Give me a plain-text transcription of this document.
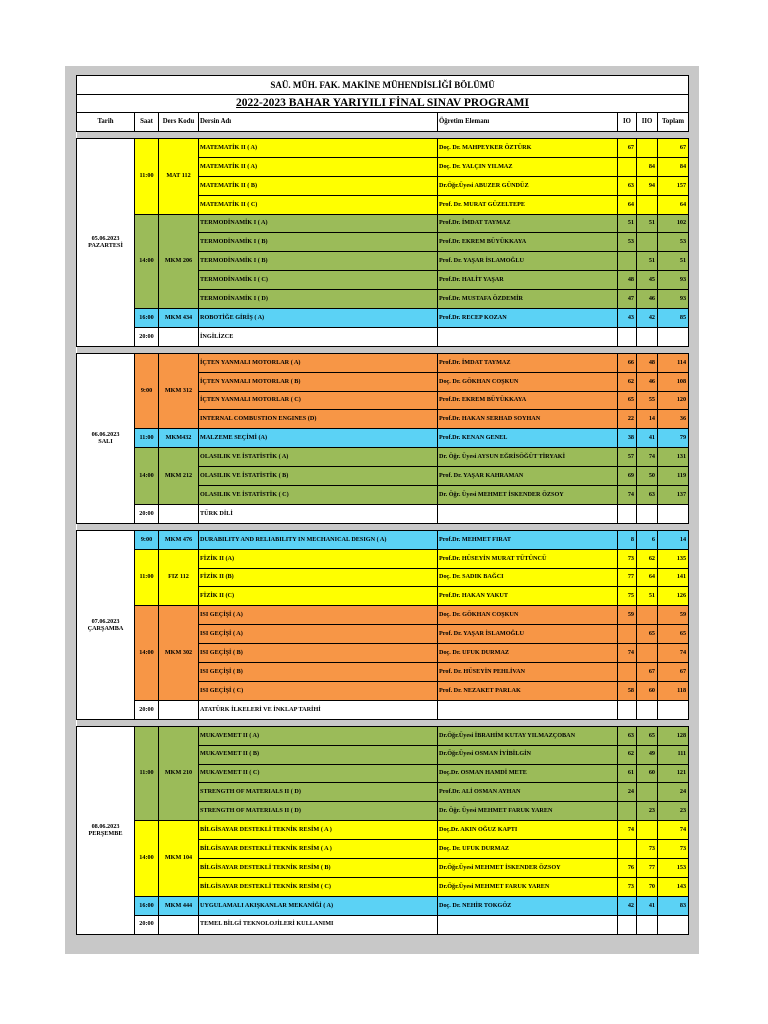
SAÜ. MÜH. FAK. MAKİNE MÜHENDİSLİĞİ BÖLÜMÜ							
2022-2023 BAHAR YARIYILI FİNAL SINAV PROGRAMI							
Tarih	Saat	Ders Kodu	Dersin Adı	Öğretim Elemanı	IO	IIO	Toplam

05.06.2023
PAZARTESİ	11:00	MAT 112	MATEMATİK II ( A)	Doç. Dr. MAHPEYKER ÖZTÜRK	67		67
			MATEMATİK II ( A)	Doç. Dr. YALÇIN YILMAZ		84	84
			MATEMATİK II ( B)	Dr.Öğr.Üyesi ABUZER GÜNDÜZ	63	94	157
			MATEMATİK II ( C)	Prof. Dr. MURAT GÜZELTEPE	64		64
	14:00	MKM 206	TERMODİNAMİK I ( A)	Prof.Dr. İMDAT TAYMAZ	51	51	102
			TERMODİNAMİK I ( B)	Prof.Dr. EKREM BÜYÜKKAYA	53		53
			TERMODİNAMİK I ( B)	Prof. Dr. YAŞAR İSLAMOĞLU		51	51
			TERMODİNAMİK I ( C)	Prof.Dr. HALİT YAŞAR	48	45	93
			TERMODİNAMİK I ( D)	Prof.Dr. MUSTAFA ÖZDEMİR	47	46	93
	16:00	MKM 434	ROBOTİĞE GİRİŞ ( A)	Prof.Dr. RECEP KOZAN	43	42	85
	20:00		İNGİLİZCE				

06.06.2023
SALI	9:00	MKM 312	İÇTEN YANMALI MOTORLAR ( A)	Prof.Dr. İMDAT TAYMAZ	66	48	114
			İÇTEN YANMALI MOTORLAR ( B)	Doç. Dr. GÖKHAN COŞKUN	62	46	108
			İÇTEN YANMALI MOTORLAR ( C)	Prof.Dr. EKREM BÜYÜKKAYA	65	55	120
			INTERNAL COMBUSTION ENGINES (D)	Prof.Dr. HAKAN SERHAD SOYHAN	22	14	36
	11:00	MKM432	MALZEME SEÇİMİ (A)	Prof.Dr. KENAN GENEL	38	41	79
	14:00	MKM 212	OLASILIK VE İSTATİSTİK ( A)	Dr. Öğr. Üyesi AYSUN EĞRİSÖĞÜT TİRYAKİ	57	74	131
			OLASILIK VE İSTATİSTİK ( B)	Prof. Dr. YAŞAR KAHRAMAN	69	50	119
			OLASILIK VE İSTATİSTİK ( C)	Dr. Öğr. Üyesi MEHMET İSKENDER ÖZSOY	74	63	137
	20:00		TÜRK DİLİ				

07.06.2023
ÇARŞAMBA	9:00	MKM 476	DURABILITY AND RELIABILITY IN MECHANICAL DESIGN ( A)	Prof.Dr. MEHMET FIRAT	8	6	14
	11:00	FIZ 112	FİZİK II (A)	Prof.Dr. HÜSEYİN MURAT TÜTÜNCÜ	73	62	135
			FİZİK II (B)	Doç. Dr. SADIK BAĞCI	77	64	141
			FİZİK II (C)	Prof.Dr. HAKAN YAKUT	75	51	126
	14:00	MKM 302	ISI GEÇİŞİ ( A)	Doç. Dr. GÖKHAN COŞKUN	59		59
			ISI GEÇİŞİ ( A)	Prof. Dr. YAŞAR İSLAMOĞLU		65	65
			ISI GEÇİŞİ ( B)	Doç. Dr. UFUK DURMAZ	74		74
			ISI GEÇİŞİ ( B)	Prof. Dr. HÜSEYİN PEHLİVAN		67	67
			ISI GEÇİŞİ ( C)	Prof. Dr. NEZAKET PARLAK	58	60	118
	20:00		ATATÜRK İLKELERİ VE İNKLAP TARİHİ				

08.06.2023
PERŞEMBE	11:00	MKM 210	MUKAVEMET II ( A)	Dr.Öğr.Üyesi İBRAHİM KUTAY YILMAZÇOBAN	63	65	128
			MUKAVEMET II ( B)	Dr.Öğr.Üyesi OSMAN İYİBİLGİN	62	49	111
			MUKAVEMET II ( C)	Doç.Dr. OSMAN HAMDİ METE	61	60	121
			STRENGTH OF MATERIALS II ( D)	Prof.Dr. ALİ OSMAN AYHAN	24		24
			STRENGTH OF MATERIALS II ( D)	Dr. Öğr. Üyesi MEHMET FARUK YAREN		23	23
	14:00	MKM 104	BİLGİSAYAR DESTEKLİ TEKNİK RESİM ( A )	Doç.Dr. AKIN OĞUZ KAPTI	74		74
			BİLGİSAYAR DESTEKLİ TEKNİK RESİM ( A )	Doç. Dr. UFUK DURMAZ		73	73
			BİLGİSAYAR DESTEKLİ TEKNİK RESİM ( B)	Dr.Öğr.Üyesi MEHMET İSKENDER ÖZSOY	76	77	153
			BİLGİSAYAR DESTEKLİ TEKNİK RESİM ( C)	Dr.Öğr.Üyesi MEHMET FARUK YAREN	73	70	143
	16:00	MKM 444	UYGULAMALI AKIŞKANLAR MEKANİĞİ ( A)	Doç. Dr. NEHİR TOKGÖZ	42	41	83
	20:00		TEMEL BİLGİ TEKNOLOJİLERİ KULLANIMI				
